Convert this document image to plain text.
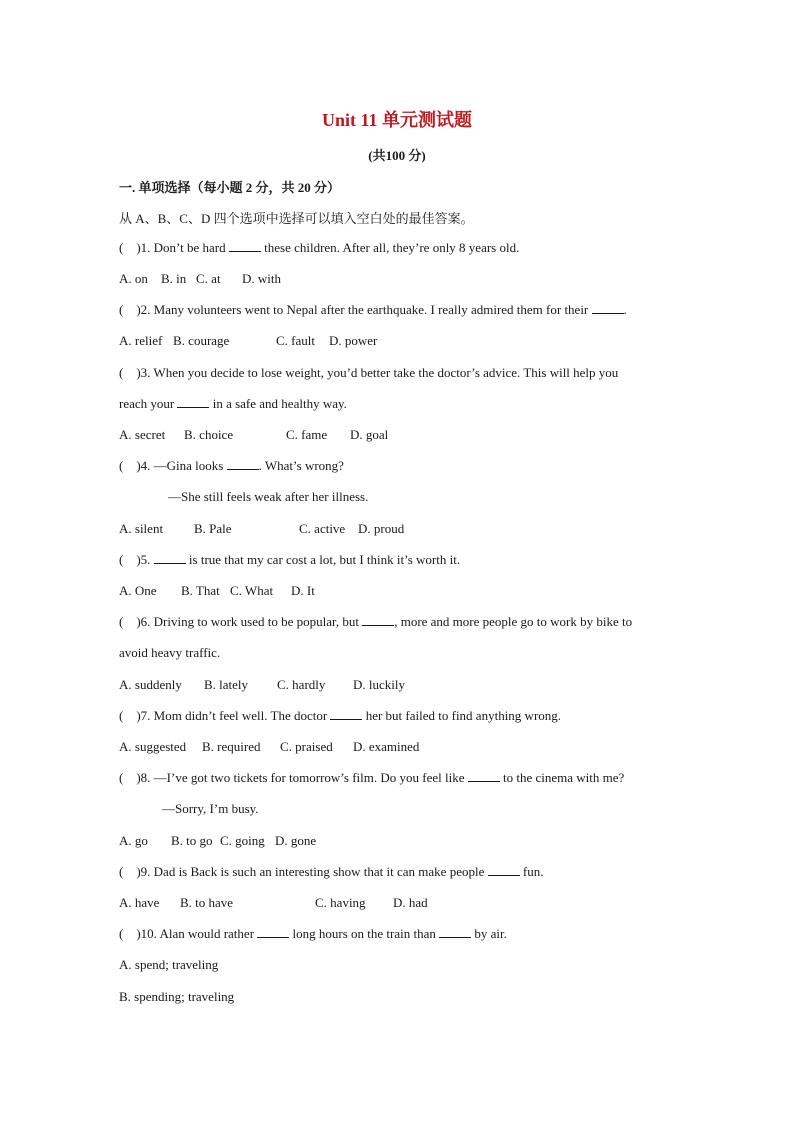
Unit 11 单元测试题
(共100 分)
一. 单项选择（每小题 2 分，共 20 分）
从 A、B、C、D 四个选项中选择可以填入空白处的最佳答案。
(    )1. Don’t be hard  these children. After all, they’re only 8 years old.
A. on B. in C. at D. with
(    )2. Many volunteers went to Nepal after the earthquake. I really admired them for their .
A. relief B. courage	C. fault D. power
(    )3. When you decide to lose weight, you’d better take the doctor’s advice. This will help you
reach your  in a safe and healthy way.
A. secret B. choice	C. fame D. goal
(    )4. —Gina looks . What’s wrong?
—She still feels weak after her illness.
A. silent B. Pale	C. active D. proud
(    )5.  is true that my car cost a lot, but I think it’s worth it.
A. One B. That C. What D. It
(    )6. Driving to work used to be popular, but , more and more people go to work by bike to
avoid heavy traffic.
A. suddenly B. lately C. hardly D. luckily
(    )7. Mom didn’t feel well. The doctor  her but failed to find anything wrong.
A. suggested B. required C. praised D. examined
(    )8. —I’ve got two tickets for tomorrow’s film. Do you feel like  to the cinema with me?
—Sorry, I’m busy.
A. go B. to go C. going D. gone
(    )9. Dad is Back is such an interesting show that it can make people  fun.
A. have B. to have	C. having D. had
(    )10. Alan would rather  long hours on the train than  by air.
A. spend; traveling
B. spending; traveling
